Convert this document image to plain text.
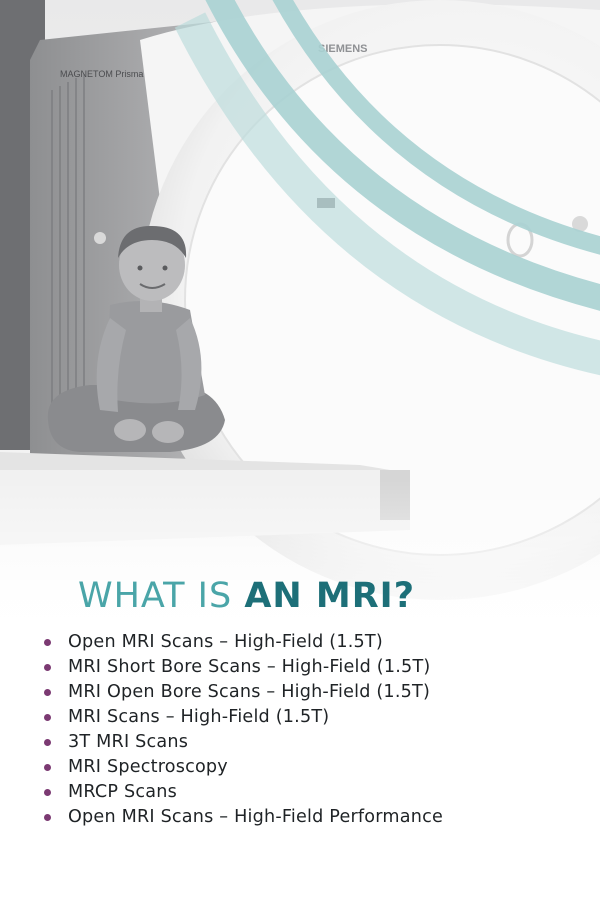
MAGNETOM Prisma
SIEMENS
WHAT IS AN MRI?
Open MRI Scans – High-Field (1.5T)
MRI Short Bore Scans – High-Field (1.5T)
MRI Open Bore Scans – High-Field (1.5T)
MRI Scans – High-Field (1.5T)
3T MRI Scans
MRI Spectroscopy
MRCP Scans
Open MRI Scans – High-Field Performance
